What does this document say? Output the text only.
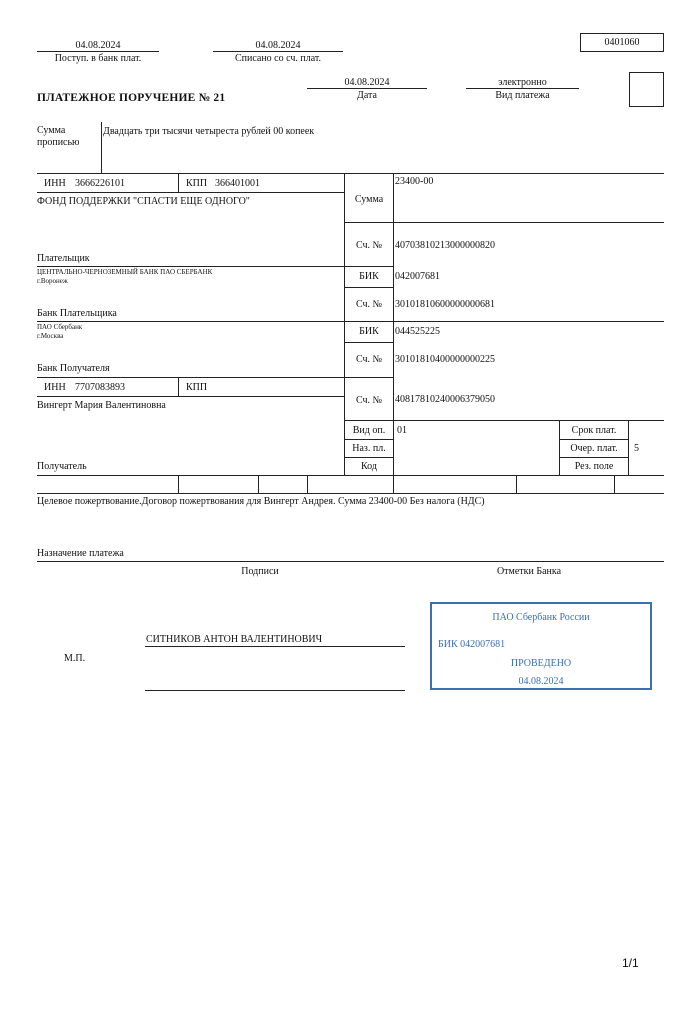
04.08.2024
Поступ. в банк плат.
04.08.2024
Списано со сч. плат.
0401060
ПЛАТЕЖНОЕ ПОРУЧЕНИЕ № 21
04.08.2024
Дата
электронно
Вид платежа
Сумма
прописью
Двадцать три тысячи четыреста рублей 00 копеек
ИНН 3666226101	КПП 366401001
ФОНД ПОДДЕРЖКИ "СПАСТИ ЕЩЕ ОДНОГО"
Плательщик
Сумма
23400-00
Сч. №	40703810213000000820
ЦЕНТРАЛЬНО-ЧЕРНОЗЕМНЫЙ БАНК ПАО СБЕРБАНК
г.Воронеж
Банк Плательщика
БИК	042007681
Сч. №	30101810600000000681
ПАО Сбербанк
г.Москва
Банк Получателя
БИК	044525225
Сч. №	30101810400000000225
ИНН 7707083893	КПП
Вингерт Мария Валентиновна	Сч. №	40817810240006379050
Вид оп.	01
Наз. пл.
Код
Срок плат.
Очер. плат.	5
Рез. поле
Получатель
Целевое пожертвование.Договор пожертвования для Вингерт Андрея. Сумма 23400-00 Без налога (НДС)
Назначение платежа
Подписи	Отметки Банка
СИТНИКОВ АНТОН ВАЛЕНТИНОВИЧ
М.П.
ПАО Сбербанк России
БИК 042007681
ПРОВЕДЕНО
04.08.2024
1/1
